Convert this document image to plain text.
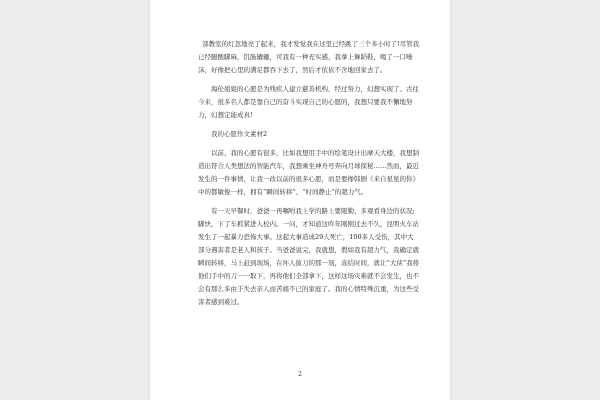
部教室的灯忽地亮了起来，我才发觉我在这里已经跳了三个多小时了!尽管我已经腿酸脚麻，饥肠辘辘，可我有一种充实感，我拿上舞蹈鞋，喝了一口唾沫，好像把心里的满足都吞下去了，然后才依依不舍地回家去了。

海伦姐姐的心愿是为残疾人建立慈善机构，经过努力，幻想实现了。古往今来，很多名人都是靠自己的奋斗实现自己的心愿的，我想只要我不懈地努力，幻想定能成真!

我的心愿作文素材2

以前，我的心愿有很多，比如我想用手中的绘笔设计出摩天大楼，我想制造出符合人类想法的智能汽车，我想乘坐神舟号奔向月球探秘……然而，最近发生的一件事情，让我一改以前的很多心愿，而是要像韩剧《来自星星的你》中的都敏俊一样，拥有“瞬间转移”、“时间静止”的超力气。

有一天早餐时，爸爸一再嘱咐我上学的路上要眼勤，多观看身边的状况;脚快，下了车抓紧进入校内。一问，才知道这昨年刚刚过去不久，昆明火车站发生了一起暴力恐怖大事。这起大事造成29人死亡，100多人受伤，其中大部分遇害者是老人和孩子。当爸爸说完，我就想，假如我有超力气，我确定就瞬间转移，马上赶到现场，在坏人拔刀的那一刻，冻结时间，就让“大侠”我将他们手中的刀一一取下，再将他们全部拿下，这样这场灾难就不会发生，也不会有那么多由于失去亲人而苦痛不已的家庭了。我的心情特殊沉重，为这些受害者感到难过。

2
